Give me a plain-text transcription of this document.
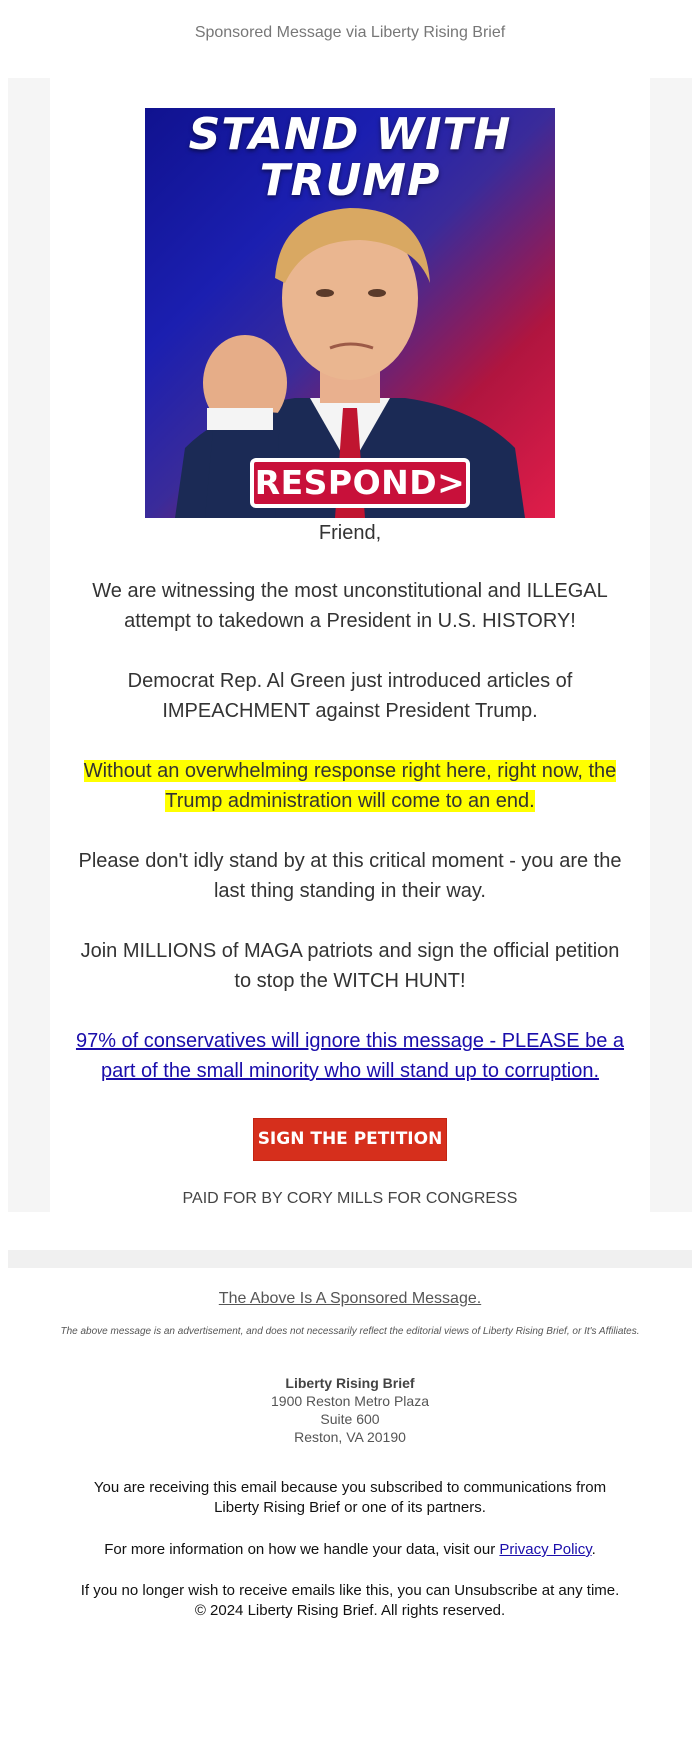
Sponsored Message via Liberty Rising Brief
STAND WITH
TRUMP
RESPOND>

Friend,

We are witnessing the most unconstitutional and ILLEGAL attempt to takedown a President in U.S. HISTORY!

Democrat Rep. Al Green just introduced articles of IMPEACHMENT against President Trump.

Without an overwhelming response right here, right now, the Trump administration will come to an end.

Please don't idly stand by at this critical moment - you are the last thing standing in their way.

Join MILLIONS of MAGA patriots and sign the official petition to stop the WITCH HUNT!

97% of conservatives will ignore this message - PLEASE be a part of the small minority who will stand up to corruption.
SIGN THE PETITION
PAID FOR BY CORY MILLS FOR CONGRESS
The Above Is A Sponsored Message.
The above message is an advertisement, and does not necessarily reflect the editorial views of Liberty Rising Brief, or It's Affiliates.
Liberty Rising Brief
1900 Reston Metro Plaza
Suite 600
Reston, VA 20190
You are receiving this email because you subscribed to communications from Liberty Rising Brief or one of its partners.
For more information on how we handle your data, visit our Privacy Policy.
If you no longer wish to receive emails like this, you can Unsubscribe at any time.
© 2024 Liberty Rising Brief. All rights reserved.
